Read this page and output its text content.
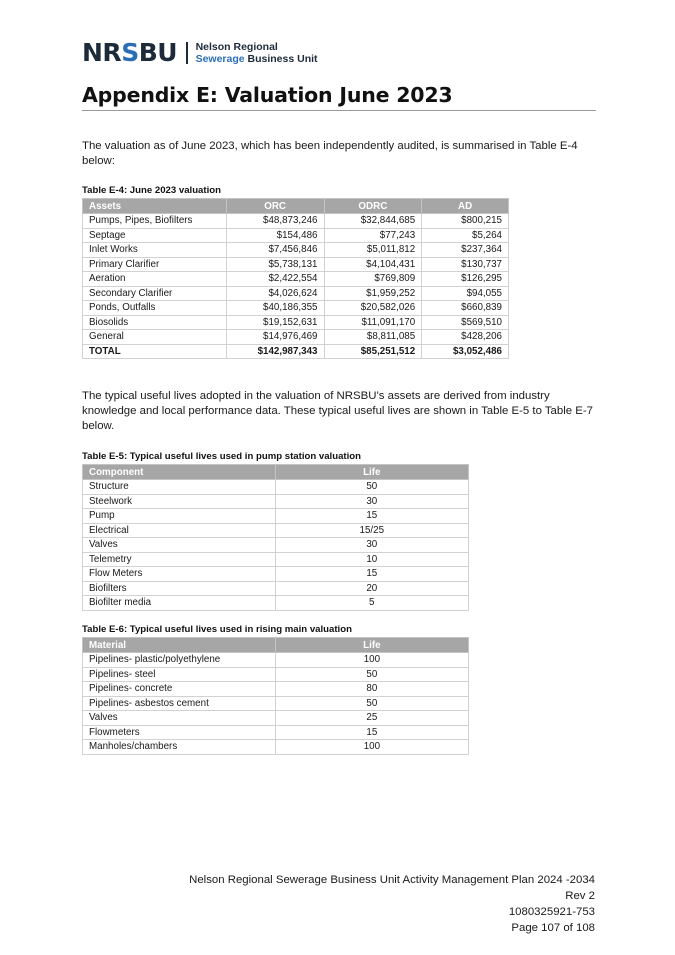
NRSBU Nelson Regional
Sewerage Business Unit
Appendix E: Valuation June 2023

The valuation as of June 2023, which has been independently audited, is summarised in Table E-4 below:

Table E-4: June 2023 valuation

Assets	ORC	ODRC	AD
Pumps, Pipes, Biofilters	$48,873,246	$32,844,685	$800,215
Septage	$154,486	$77,243	$5,264
Inlet Works	$7,456,846	$5,011,812	$237,364
Primary Clarifier	$5,738,131	$4,104,431	$130,737
Aeration	$2,422,554	$769,809	$126,295
Secondary Clarifier	$4,026,624	$1,959,252	$94,055
Ponds, Outfalls	$40,186,355	$20,582,026	$660,839
Biosolids	$19,152,631	$11,091,170	$569,510
General	$14,976,469	$8,811,085	$428,206
TOTAL	$142,987,343	$85,251,512	$3,052,486

The typical useful lives adopted in the valuation of NRSBU’s assets are derived from industry knowledge and local performance data. These typical useful lives are shown in Table E-5 to Table E-7 below.

Table E-5: Typical useful lives used in pump station valuation

Component	Life
Structure	50
Steelwork	30
Pump	15
Electrical	15/25
Valves	30
Telemetry	10
Flow Meters	15
Biofilters	20
Biofilter media	5

Table E-6: Typical useful lives used in rising main valuation

Material	Life
Pipelines- plastic/polyethylene	100
Pipelines- steel	50
Pipelines- concrete	80
Pipelines- asbestos cement	50
Valves	25
Flowmeters	15
Manholes/chambers	100
Nelson Regional Sewerage Business Unit Activity Management Plan 2024 -2034
Rev 2
1080325921-753
Page 107 of 108
